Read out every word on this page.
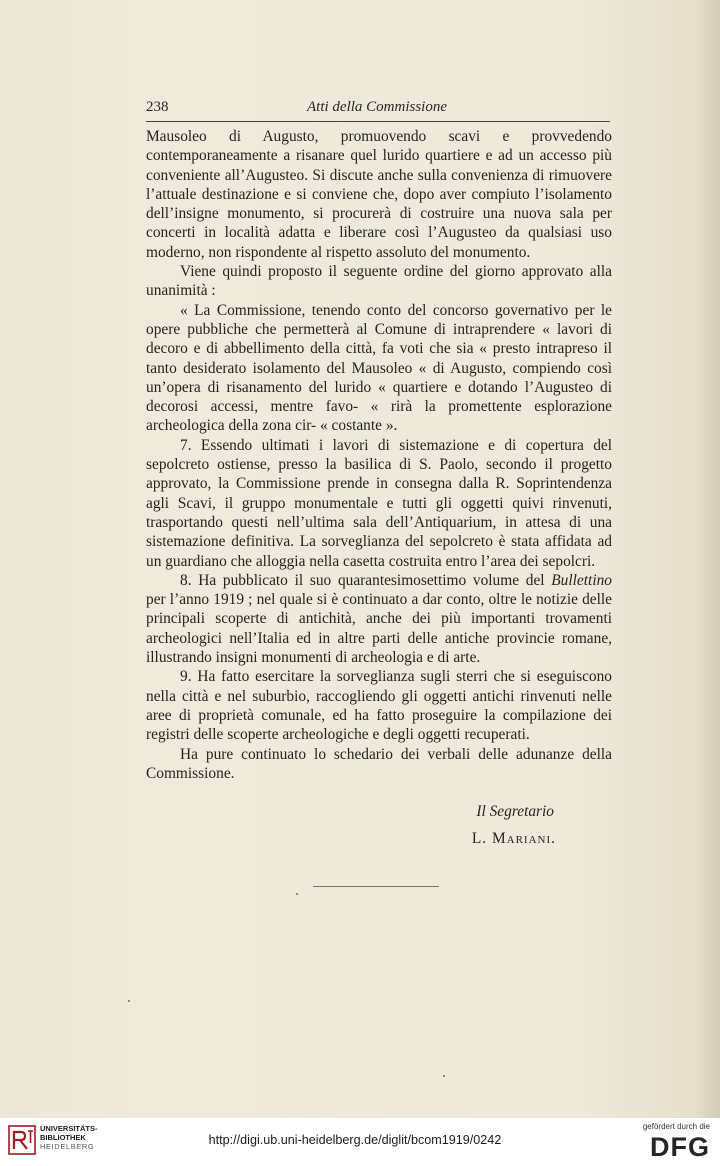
238	Atti della Commissione

Mausoleo di Augusto, promuovendo scavi e provvedendo contemporaneamente a risanare quel lurido quartiere e ad un accesso più conveniente all’Augusteo. Si discute anche sulla convenienza di rimuovere l’attuale destinazione e si conviene che, dopo aver compiuto l’isolamento dell’insigne monumento, si procurerà di costruire una nuova sala per concerti in località adatta e liberare così l’Augusteo da qualsiasi uso moderno, non rispondente al rispetto assoluto del monumento.

Viene quindi proposto il seguente ordine del giorno approvato alla unanimità :

« La Commissione, tenendo conto del concorso governativo per le opere pubbliche che permetterà al Comune di intraprendere « lavori di decoro e di abbellimento della città, fa voti che sia « presto intrapreso il tanto desiderato isolamento del Mausoleo « di Augusto, compiendo così un’opera di risanamento del lurido « quartiere e dotando l’Augusteo di decorosi accessi, mentre favo- « rirà la promettente esplorazione archeologica della zona cir- « costante ».

7. Essendo ultimati i lavori di sistemazione e di copertura del sepolcreto ostiense, presso la basilica di S. Paolo, secondo il progetto approvato, la Commissione prende in consegna dalla R. Soprintendenza agli Scavi, il gruppo monumentale e tutti gli oggetti quivi rinvenuti, trasportando questi nell’ultima sala dell’Antiquarium, in attesa di una sistemazione definitiva. La sorveglianza del sepolcreto è stata affidata ad un guardiano che alloggia nella casetta costruita entro l’area dei sepolcri.

8. Ha pubblicato il suo quarantesimosettimo volume del Bullettino per l’anno 1919 ; nel quale si è continuato a dar conto, oltre le notizie delle principali scoperte di antichità, anche dei più importanti trovamenti archeologici nell’Italia ed in altre parti delle antiche provincie romane, illustrando insigni monumenti di archeologia e di arte.

9. Ha fatto esercitare la sorveglianza sugli sterri che si eseguiscono nella città e nel suburbio, raccogliendo gli oggetti antichi rinvenuti nelle aree di proprietà comunale, ed ha fatto proseguire la compilazione dei registri delle scoperte archeologiche e degli oggetti recuperati.

Ha pure continuato lo schedario dei verbali delle adunanze della Commissione.

Il Segretario
L. Mariani.
UNIVERSITÄTS-
BIBLIOTHEK
HEIDELBERG	http://digi.ub.uni-heidelberg.de/diglit/bcom1919/0242
gefördert durch die
DFG
